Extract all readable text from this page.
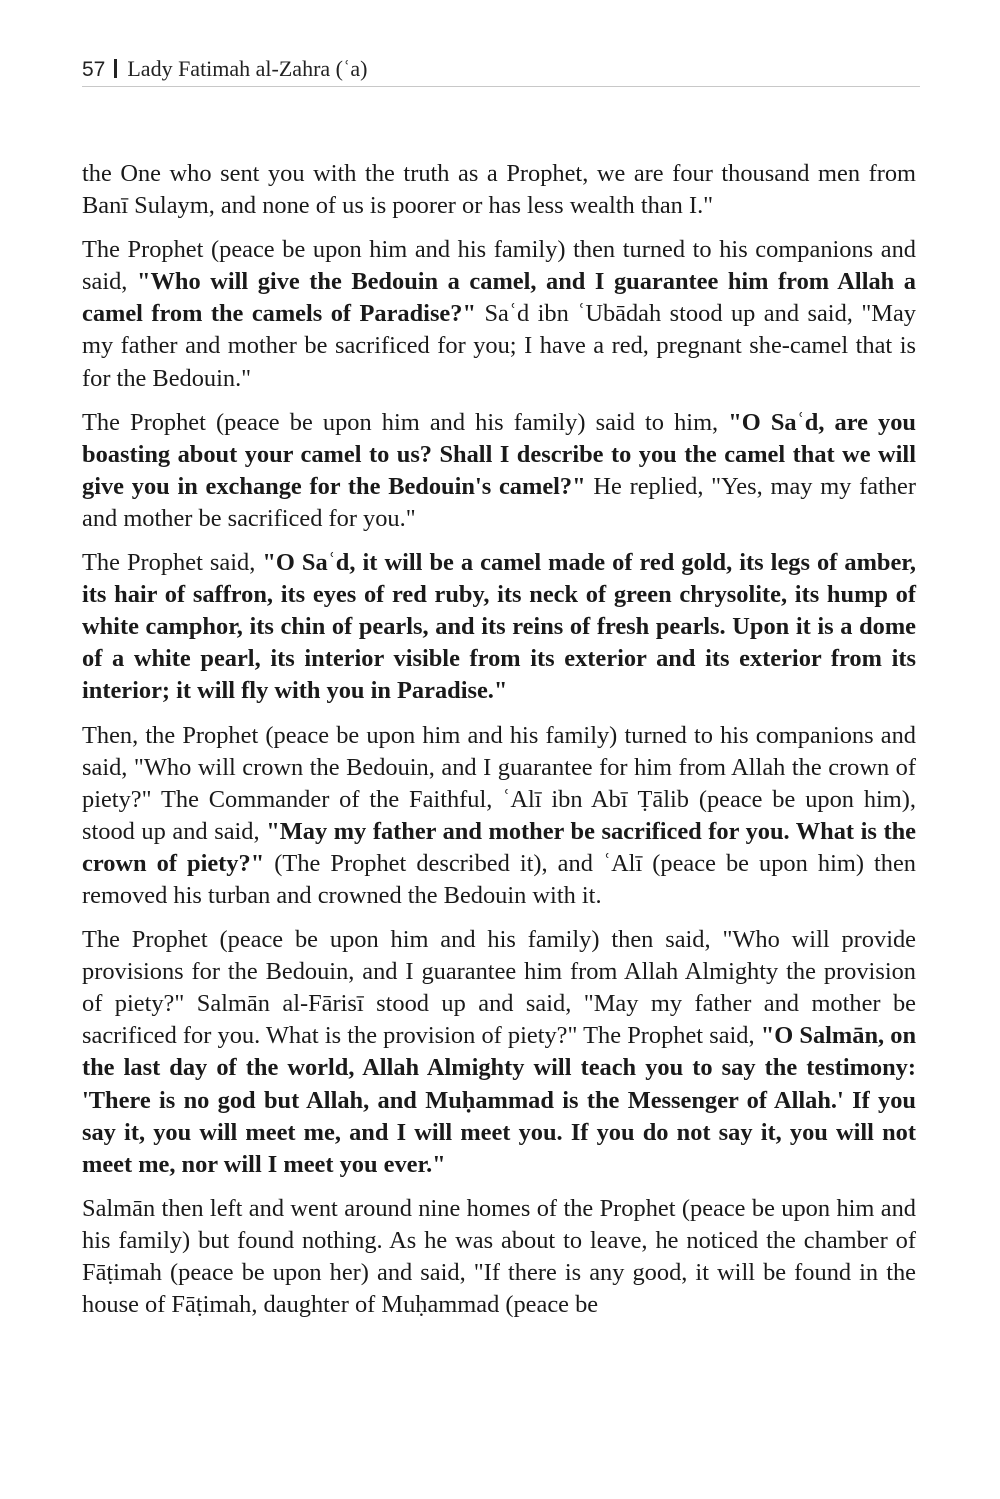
57 Lady Fatimah al-Zahra (ʿa)

the One who sent you with the truth as a Prophet, we are four thousand men from Banī Sulaym, and none of us is poorer or has less wealth than I."

The Prophet (peace be upon him and his family) then turned to his companions and said, "Who will give the Bedouin a camel, and I guarantee him from Allah a camel from the camels of Paradise?" Saʿd ibn ʿUbādah stood up and said, "May my father and mother be sacrificed for you; I have a red, pregnant she-camel that is for the Bedouin."

The Prophet (peace be upon him and his family) said to him, "O Saʿd, are you boasting about your camel to us? Shall I describe to you the camel that we will give you in exchange for the Bedouin's camel?" He replied, "Yes, may my father and mother be sacrificed for you."

The Prophet said, "O Saʿd, it will be a camel made of red gold, its legs of amber, its hair of saffron, its eyes of red ruby, its neck of green chrysolite, its hump of white camphor, its chin of pearls, and its reins of fresh pearls. Upon it is a dome of a white pearl, its interior visible from its exterior and its exterior from its interior; it will fly with you in Paradise."

Then, the Prophet (peace be upon him and his family) turned to his companions and said, "Who will crown the Bedouin, and I guarantee for him from Allah the crown of piety?" The Commander of the Faithful, ʿAlī ibn Abī Ṭālib (peace be upon him), stood up and said, "May my father and mother be sacrificed for you. What is the crown of piety?" (The Prophet described it), and ʿAlī (peace be upon him) then removed his turban and crowned the Bedouin with it.

The Prophet (peace be upon him and his family) then said, "Who will provide provisions for the Bedouin, and I guarantee him from Allah Almighty the provision of piety?" Salmān al-Fārisī stood up and said, "May my father and mother be sacrificed for you. What is the provision of piety?" The Prophet said, "O Salmān, on the last day of the world, Allah Almighty will teach you to say the testimony: 'There is no god but Allah, and Muḥammad is the Messenger of Allah.' If you say it, you will meet me, and I will meet you. If you do not say it, you will not meet me, nor will I meet you ever."

Salmān then left and went around nine homes of the Prophet (peace be upon him and his family) but found nothing. As he was about to leave, he noticed the chamber of Fāṭimah (peace be upon her) and said, "If there is any good, it will be found in the house of Fāṭimah, daughter of Muḥammad (peace be
